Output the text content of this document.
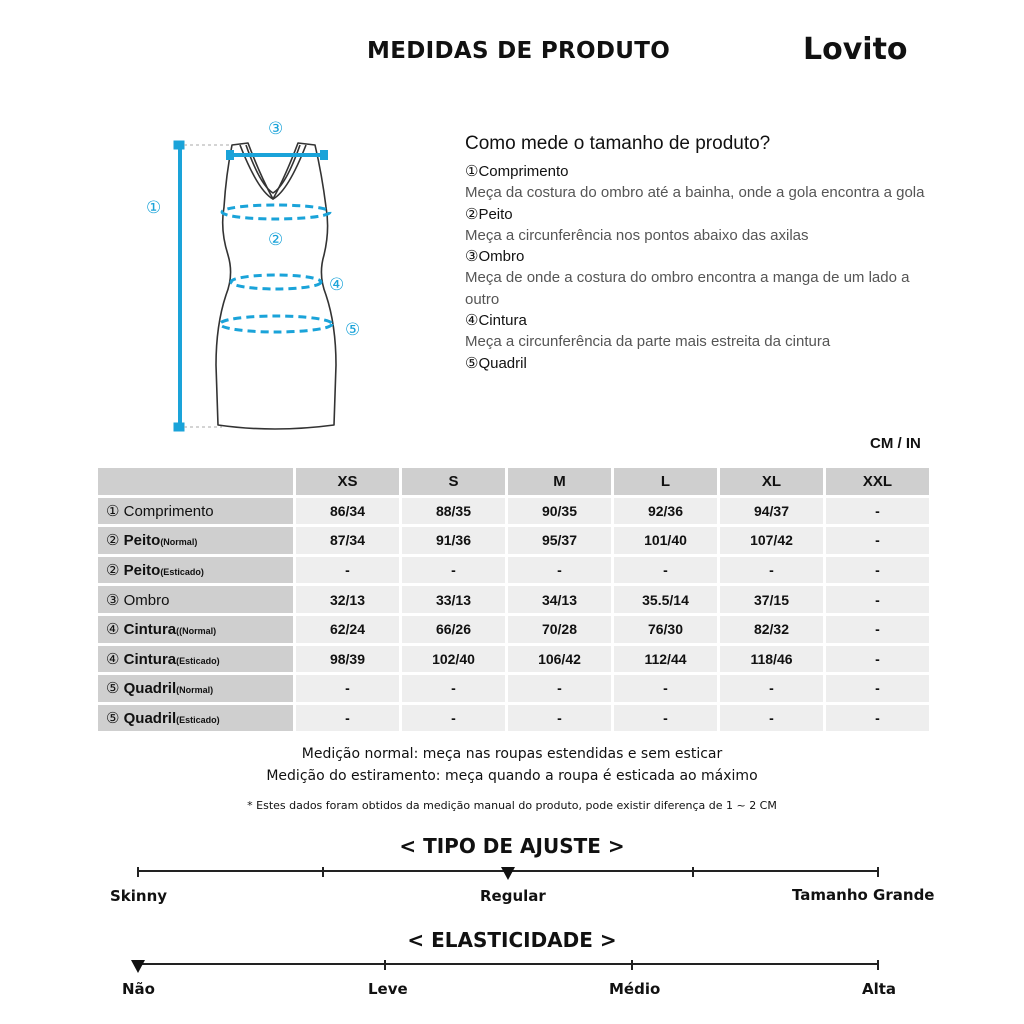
MEDIDAS DE PRODUTO	Lovito
①
②
③
④
⑤
Como mede o tamanho de produto?
①Comprimento
Meça da costura do ombro até a bainha, onde a gola encontra a gola
②Peito
Meça a circunferência nos pontos abaixo das axilas
③Ombro
Meça de onde a costura do ombro encontra a manga de um lado a outro
④Cintura
Meça a circunferência da parte mais estreita da cintura
⑤Quadril
CM / IN
	XS	S	M	L	XL	XXL
① Comprimento	86/34	88/35	90/35	92/36	94/37	-
② Peito(Normal)	87/34	91/36	95/37	101/40	107/42	-
② Peito(Esticado)	-	-	-	-	-	-
③ Ombro	32/13	33/13	34/13	35.5/14	37/15	-
④ Cintura((Normal)	62/24	66/26	70/28	76/30	82/32	-
④ Cintura(Esticado)	98/39	102/40	106/42	112/44	118/46	-
⑤ Quadril(Normal)	-	-	-	-	-	-
⑤ Quadril(Esticado)	-	-	-	-	-	-
Medição normal: meça nas roupas estendidas e sem esticar
Medição do estiramento: meça quando a roupa é esticada ao máximo
* Estes dados foram obtidos da medição manual do produto, pode existir diferença de 1 ~ 2 CM
< TIPO DE AJUSTE >
Skinny	Regular	Tamanho Grande
< ELASTICIDADE >
Não	Leve	Médio	Alta
